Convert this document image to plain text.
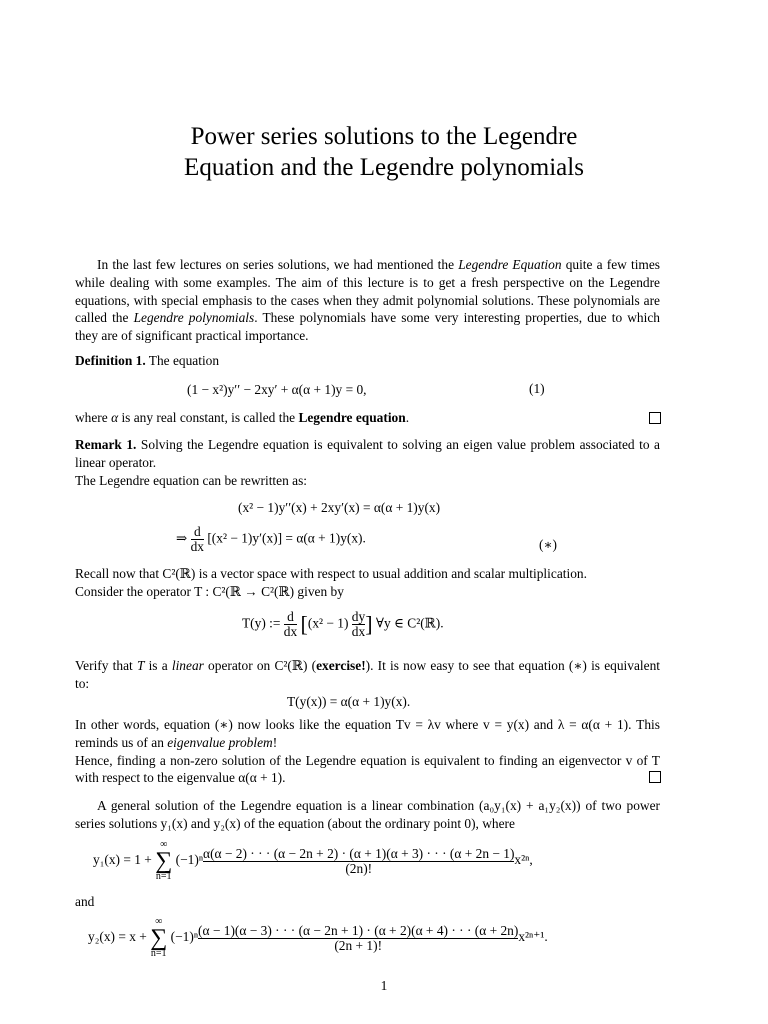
Power series solutions to the Legendre
Equation and the Legendre polynomials

In the last few lectures on series solutions, we had mentioned the Legendre Equation quite a few times while dealing with some examples. The aim of this lecture is to get a fresh perspective on the Legendre equations, with special emphasis to the cases when they admit polynomial solutions. These polynomials are called the Legendre polynomials. These polynomials have some very interesting properties, due to which they are of significant practical importance.

Definition 1. The equation
(1 − x²)y′′ − 2xy′ + α(α + 1)y = 0,	(1)
where α is any real constant, is called the Legendre equation.

Remark 1. Solving the Legendre equation is equivalent to solving an eigen value problem associated to a linear operator.

The Legendre equation can be rewritten as:

(x² − 1)y′′(x) + 2xy′(x) = α(α + 1)y(x)
⇒ $\frac{d}{dx} [(x^2 - 1)y'(x)] = \alpha(\alpha + 1)y(x)$.	(∗)

Recall now that C²(ℝ) is a vector space with respect to usual addition and scalar multiplication.

Consider the operator T : C²(ℝ → C²(ℝ) given by

T(y) := $\frac{d}{dx} [(x^2 - 1) \frac{dy}{dx}$ ] ∀y ∈ C²(ℝ).
Verify that T is a linear operator on C²(ℝ) (exercise!). It is now easy to see that equation (∗) is equivalent to:
T(y(x)) = α(α + 1)y(x).

In other words, equation (∗) now looks like the equation Tv = λv where v = y(x) and λ = α(α + 1). This reminds us of an eigenvalue problem!

Hence, finding a non-zero solution of the Legendre equation is equivalent to finding an eigenvector v of T with respect to the eigenvalue α(α + 1).

A general solution of the Legendre equation is a linear combination (a₀y₁(x) + a₁y₂(x)) of two power series solutions y₁(x) and y₂(x) of the equation (about the ordinary point 0), where

y₁(x) = 1 + ∞
∑
n=1 (−1)ⁿ α(α − 2) · · · (α − 2n + 2) · (α + 1)(α + 3) · · · (α + 2n − 1)
(2n)!
x²ⁿ,
and
y₂(x) = x + ∞
∑
n=1 (−1)ⁿ (α − 1)(α − 3) · · · (α − 2n + 1) · (α + 2)(α + 4) · · · (α + 2n)
(2n + 1)!
x²ⁿ⁺¹.
1
